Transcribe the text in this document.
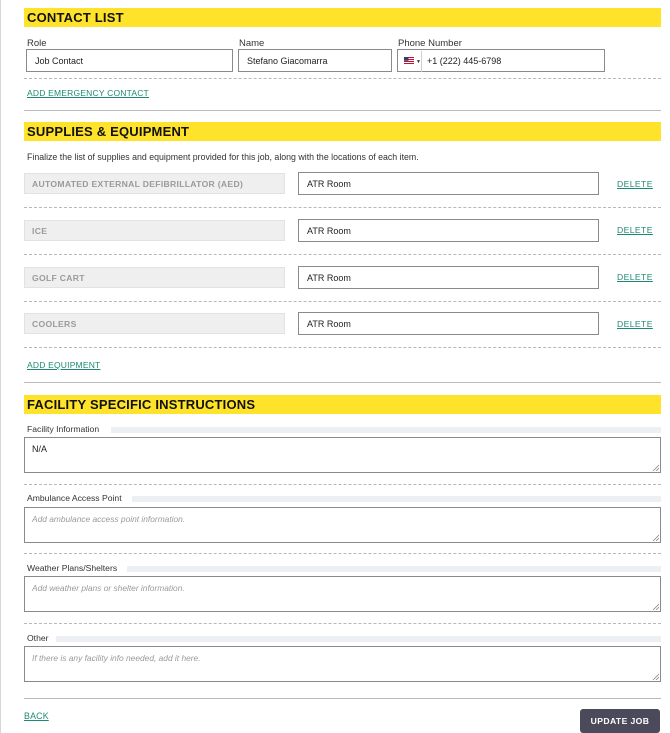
CONTACT LIST
Role	Name	Phone Number
Job Contact	Stefano Giacomarra	+1 (222) 445-6798
▼
ADD EMERGENCY CONTACT
SUPPLIES & EQUIPMENT
Finalize the list of supplies and equipment provided for this job, along with the locations of each item.
AUTOMATED EXTERNAL DEFIBRILLATOR (AED)	ATR Room	DELETE
ICE	ATR Room	DELETE
GOLF CART	ATR Room	DELETE
COOLERS	ATR Room	DELETE
ADD EQUIPMENT
FACILITY SPECIFIC INSTRUCTIONS
Facility Information
N/A
Ambulance Access Point
Add ambulance access point information.
Weather Plans/Shelters
Add weather plans or shelter information.
Other
If there is any facility info needed, add it here.
BACK	UPDATE JOB
